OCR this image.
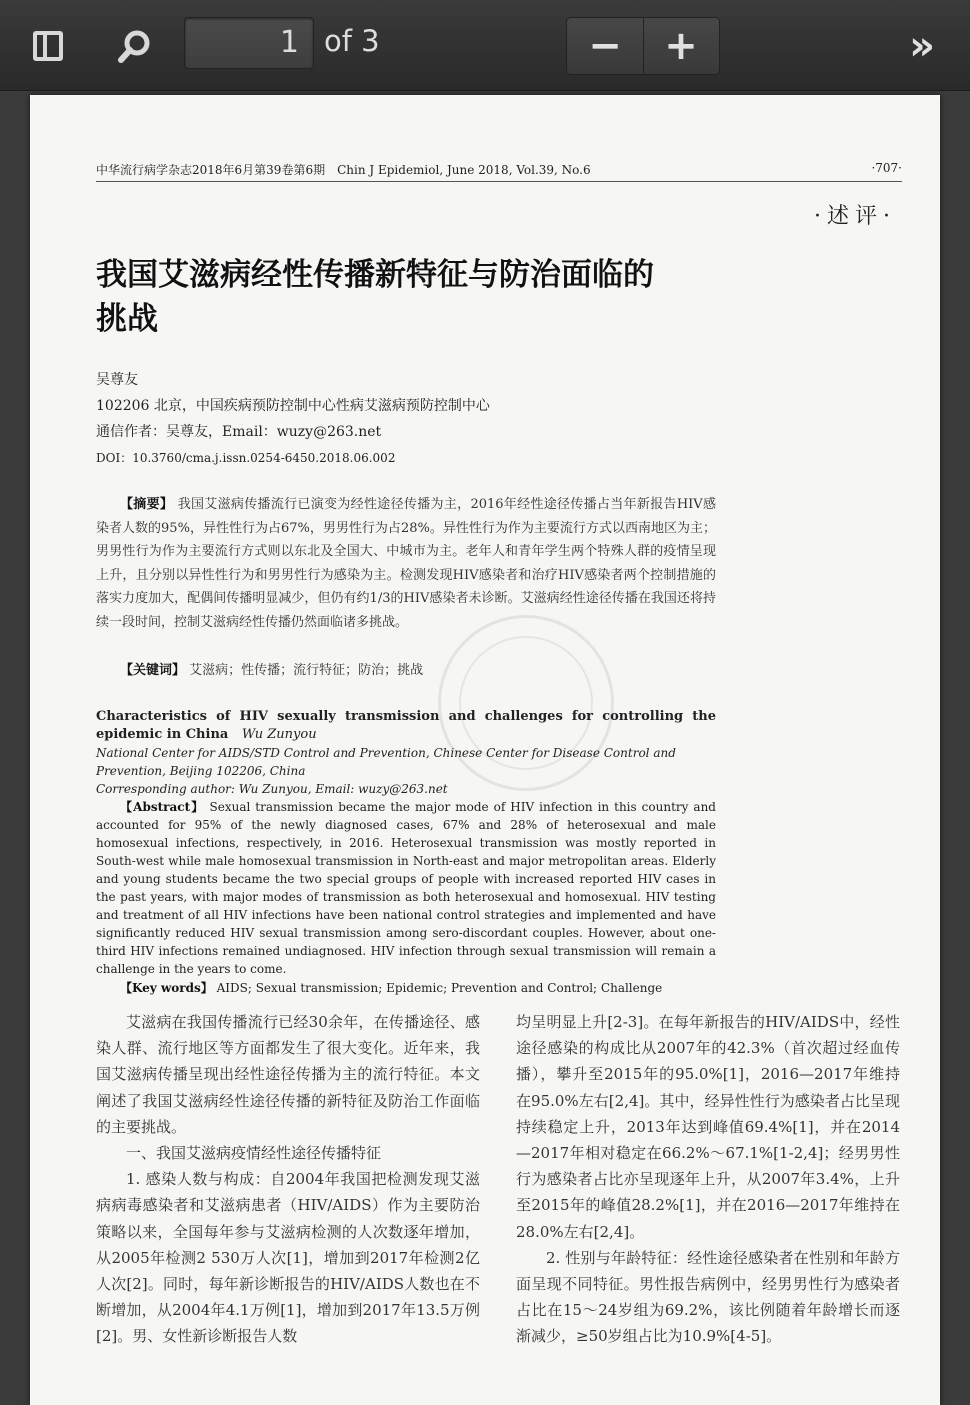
1 of 3	−	+	»
中华流行病学杂志2018年6月第39卷第6期　Chin J Epidemiol, June 2018, Vol.39, No.6	·707·
·述评·
我国艾滋病经性传播新特征与防治面临的挑战
吴尊友
102206 北京，中国疾病预防控制中心性病艾滋病预防控制中心
通信作者：吴尊友，Email：wuzy@263.net
DOI：10.3760/cma.j.issn.0254-6450.2018.06.002
【摘要】 我国艾滋病传播流行已演变为经性途径传播为主，2016年经性途径传播占当年新报告HIV感染者人数的95%，异性性行为占67%，男男性行为占28%。异性性行为作为主要流行方式以西南地区为主；男男性行为作为主要流行方式则以东北及全国大、中城市为主。老年人和青年学生两个特殊人群的疫情呈现上升，且分别以异性性行为和男男性行为感染为主。检测发现HIV感染者和治疗HIV感染者两个控制措施的落实力度加大，配偶间传播明显减少，但仍有约1/3的HIV感染者未诊断。艾滋病经性途径传播在我国还将持续一段时间，控制艾滋病经性传播仍然面临诸多挑战。
【关键词】 艾滋病；性传播；流行特征；防治；挑战
Characteristics of HIV sexually transmission and challenges for controlling the epidemic in China Wu Zunyou
National Center for AIDS/STD Control and Prevention, Chinese Center for Disease Control and Prevention, Beijing 102206, China
Corresponding author: Wu Zunyou, Email: wuzy@263.net
【Abstract】 Sexual transmission became the major mode of HIV infection in this country and accounted for 95% of the newly diagnosed cases, 67% and 28% of heterosexual and male homosexual infections, respectively, in 2016. Heterosexual transmission was mostly reported in South-west while male homosexual transmission in North-east and major metropolitan areas. Elderly and young students became the two special groups of people with increased reported HIV cases in the past years, with major modes of transmission as both heterosexual and homosexual. HIV testing and treatment of all HIV infections have been national control strategies and implemented and have significantly reduced HIV sexual transmission among sero-discordant couples. However, about one-third HIV infections remained undiagnosed. HIV infection through sexual transmission will remain a challenge in the years to come.
【Key words】 AIDS; Sexual transmission; Epidemic; Prevention and Control; Challenge

艾滋病在我国传播流行已经30余年，在传播途径、感染人群、流行地区等方面都发生了很大变化。近年来，我国艾滋病传播呈现出经性途径传播为主的流行特征。本文阐述了我国艾滋病经性途径传播的新特征及防治工作面临的主要挑战。

一、我国艾滋病疫情经性途径传播特征

1. 感染人数与构成：自2004年我国把检测发现艾滋病病毒感染者和艾滋病患者（HIV/AIDS）作为主要防治策略以来，全国每年参与艾滋病检测的人次数逐年增加，从2005年检测2 530万人次[1]，增加到2017年检测2亿人次[2]。同时，每年新诊断报告的HIV/AIDS人数也在不断增加，从2004年4.1万例[1]，增加到2017年13.5万例[2]。男、女性新诊断报告人数

均呈明显上升[2-3]。在每年新报告的HIV/AIDS中，经性途径感染的构成比从2007年的42.3%（首次超过经血传播），攀升至2015年的95.0%[1]，2016—2017年维持在95.0%左右[2,4]。其中，经异性性行为感染者占比呈现持续稳定上升，2013年达到峰值69.4%[1]，并在2014—2017年相对稳定在66.2%～67.1%[1-2,4]；经男男性行为感染者占比亦呈现逐年上升，从2007年3.4%，上升至2015年的峰值28.2%[1]，并在2016—2017年维持在28.0%左右[2,4]。

2. 性别与年龄特征：经性途径感染者在性别和年龄方面呈现不同特征。男性报告病例中，经男男性行为感染者占比在15～24岁组为69.2%，该比例随着年龄增长而逐渐减少，≥50岁组占比为10.9%[4-5]。
